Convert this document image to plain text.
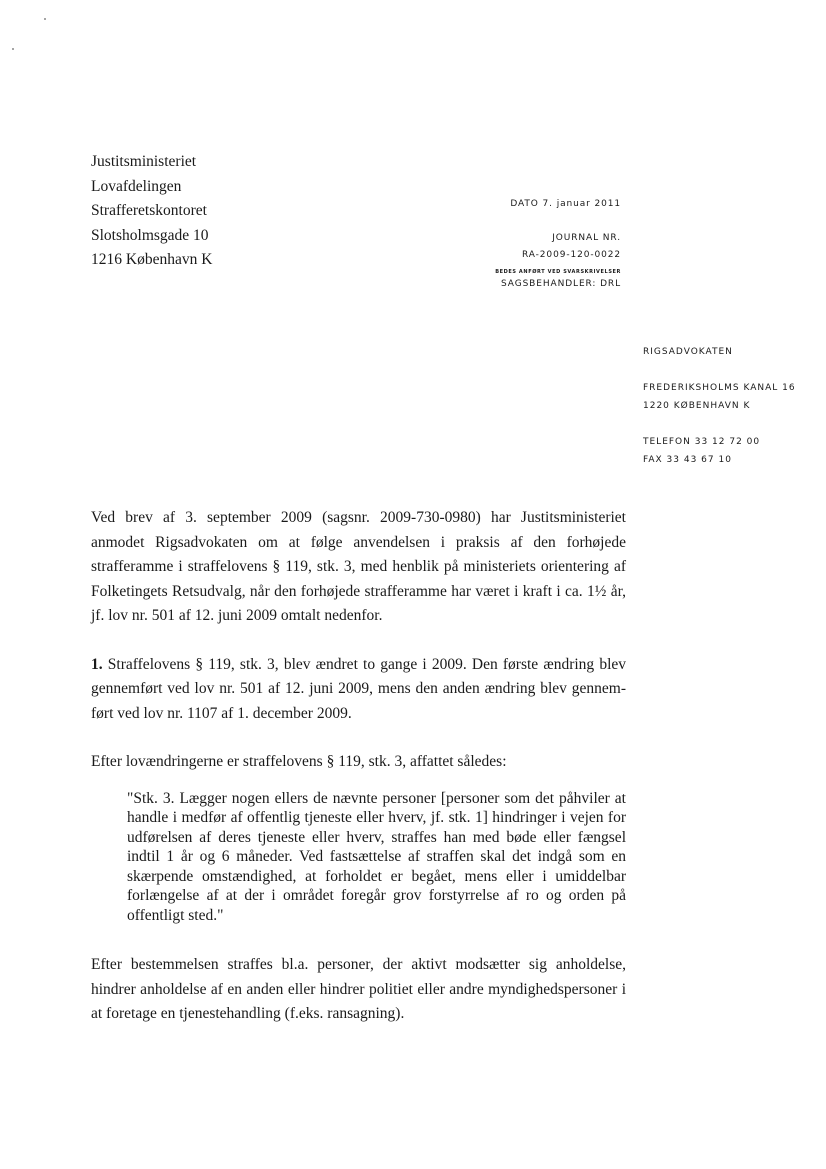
Justitsministeriet
Lovafdelingen
Strafferetskontoret
Slotsholmsgade 10
1216 København K
DATO 7. januar 2011
JOURNAL NR.
RA-2009-120-0022
BEDES ANFØRT VED SVARSKRIVELSER
SAGSBEHANDLER: DRL
RIGSADVOKATEN
FREDERIKSHOLMS KANAL 16
1220 KØBENHAVN K
TELEFON 33 12 72 00
FAX 33 43 67 10

Ved brev af 3. september 2009 (sagsnr. 2009-730-0980) har Justitsministeriet anmodet Rigsadvokaten om at følge anvendelsen i praksis af den forhøjede strafferamme i straffelovens § 119, stk. 3, med henblik på ministeriets orientering af Folketingets Retsudvalg, når den forhøjede strafferamme har været i kraft i ca. 1½ år, jf. lov nr. 501 af 12. juni 2009 omtalt nedenfor.

1. Straffelovens § 119, stk. 3, blev ændret to gange i 2009. Den første ændring blev gennemført ved lov nr. 501 af 12. juni 2009, mens den anden ændring blev gennem-ført ved lov nr. 1107 af 1. december 2009.

Efter lovændringerne er straffelovens § 119, stk. 3, affattet således:

"Stk. 3. Lægger nogen ellers de nævnte personer [personer som det påhviler at handle i medfør af offentlig tjeneste eller hverv, jf. stk. 1] hindringer i vejen for udførelsen af deres tjeneste eller hverv, straffes han med bøde eller fængsel indtil 1 år og 6 måneder. Ved fastsættelse af straffen skal det indgå som en skærpende omstændighed, at forholdet er begået, mens eller i umiddelbar forlængelse af at der i området foregår grov forstyrrelse af ro og orden på offentligt sted."

Efter bestemmelsen straffes bl.a. personer, der aktivt modsætter sig anholdelse, hindrer anholdelse af en anden eller hindrer politiet eller andre myndighedspersoner i at foretage en tjenestehandling (f.eks. ransagning).
